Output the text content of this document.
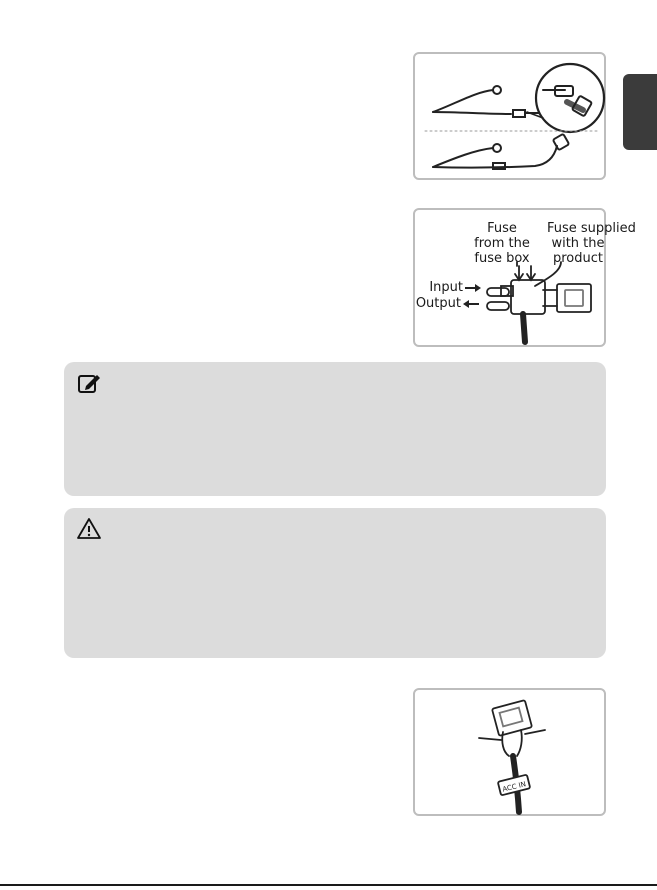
Fuse
from the
fuse box
Fuse supplied
with the
product
Input
Output
ACC IN
